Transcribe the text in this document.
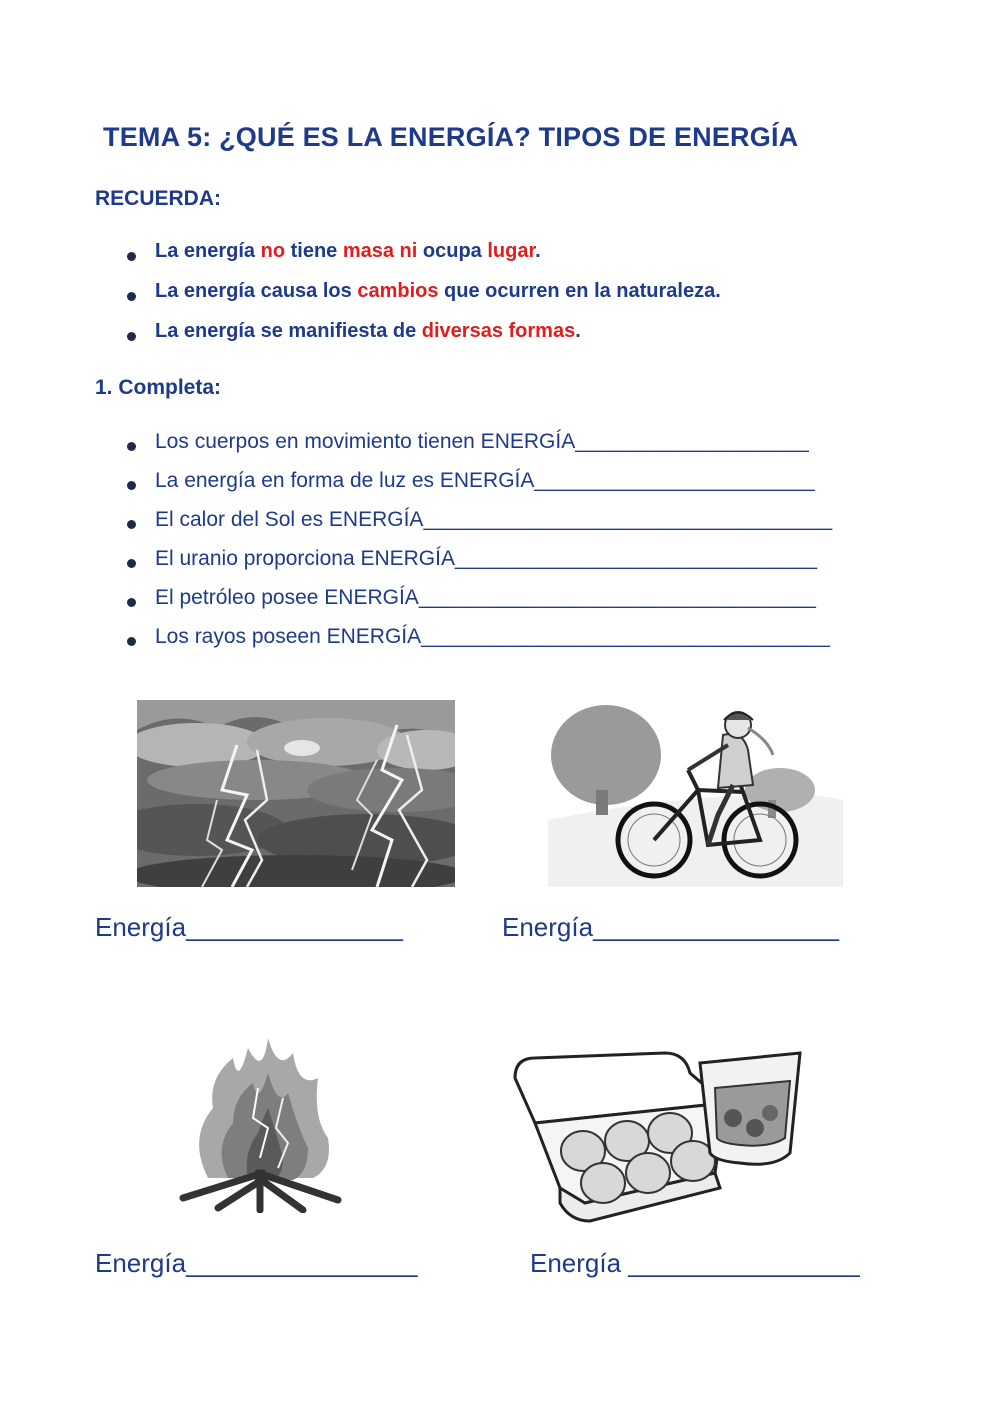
TEMA 5: ¿QUÉ ES LA ENERGÍA? TIPOS DE ENERGÍA
RECUERDA:
La energía no tiene masa ni ocupa lugar.
La energía causa los cambios que ocurren en la naturaleza.
La energía se manifiesta de diversas formas.
1. Completa:
Los cuerpos en movimiento tienen ENERGÍA____________________
La energía en forma de luz es ENERGÍA________________________
El calor del Sol es ENERGÍA___________________________________
El uranio proporciona ENERGÍA_______________________________
El petróleo posee ENERGÍA__________________________________
Los rayos poseen ENERGÍA___________________________________
Energía_______________	Energía_________________
Energía________________	Energía ________________
